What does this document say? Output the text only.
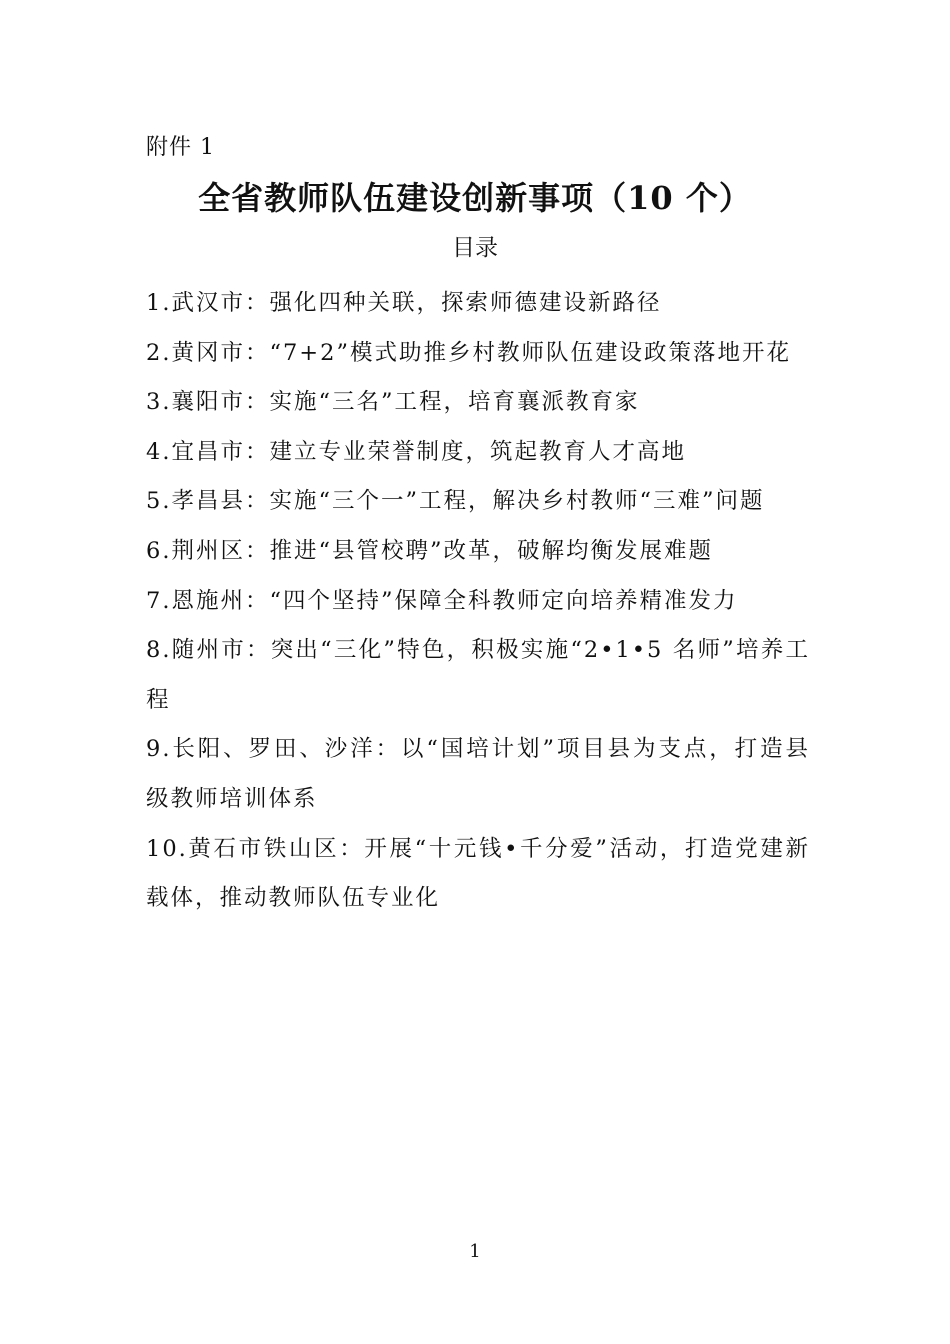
附件 1
全省教师队伍建设创新事项（10 个）
目录
1.武汉市：强化四种关联，探索师德建设新路径
2.黄冈市：“7+2”模式助推乡村教师队伍建设政策落地开花
3.襄阳市：实施“三名”工程，培育襄派教育家
4.宜昌市：建立专业荣誉制度，筑起教育人才高地
5.孝昌县：实施“三个一”工程，解决乡村教师“三难”问题
6.荆州区：推进“县管校聘”改革，破解均衡发展难题
7.恩施州：“四个坚持”保障全科教师定向培养精准发力
8.随州市：突出“三化”特色，积极实施“2•1•5 名师”培养工程
9.长阳、罗田、沙洋：以“国培计划”项目县为支点，打造县级教师培训体系
10.黄石市铁山区：开展“十元钱•千分爱”活动，打造党建新载体，推动教师队伍专业化
1
